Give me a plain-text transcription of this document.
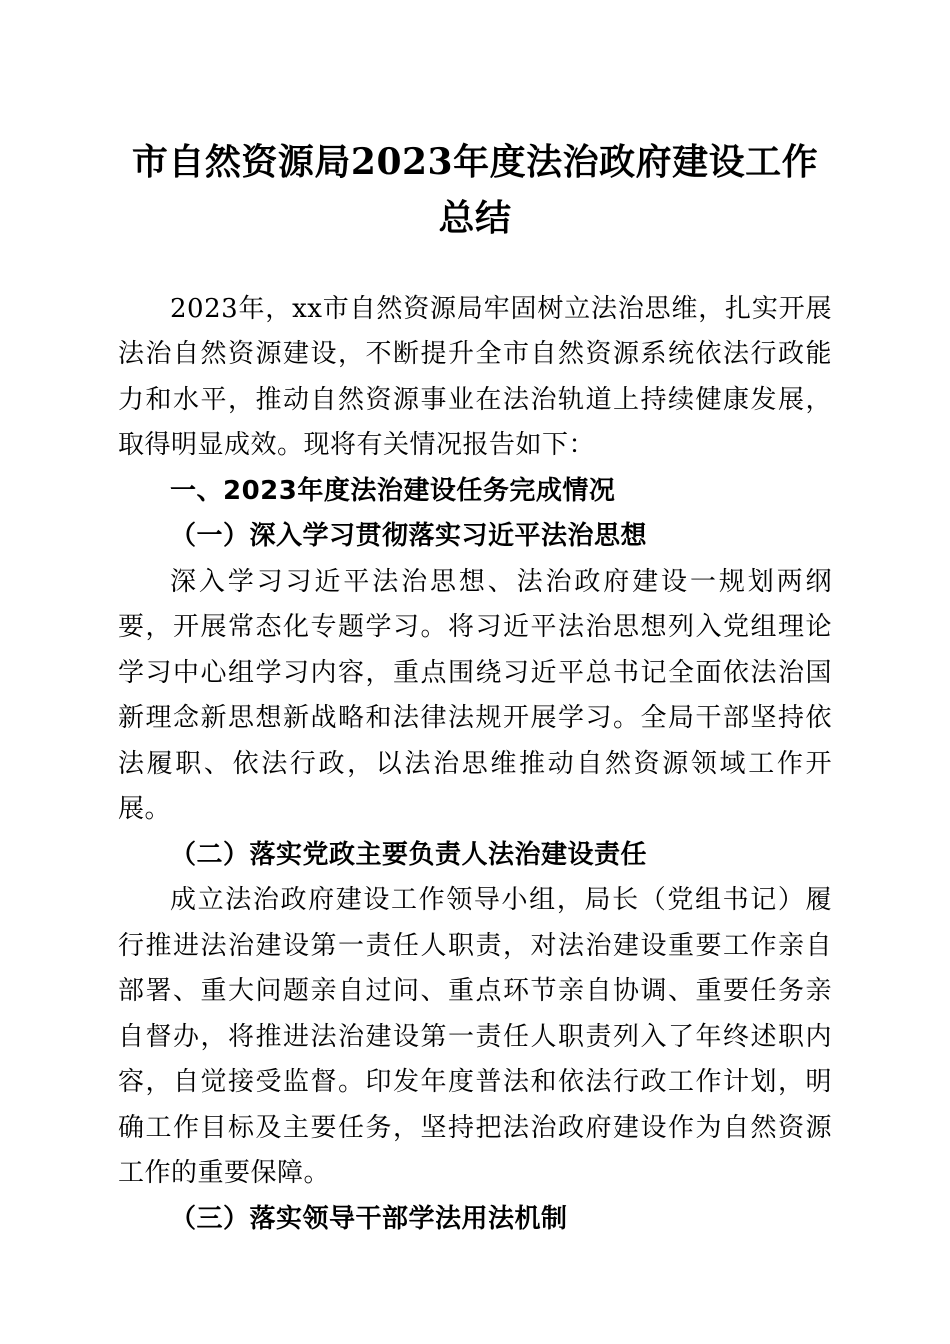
市自然资源局2023年度法治政府建设工作总结

2023年，xx市自然资源局牢固树立法治思维，扎实开展法治自然资源建设，不断提升全市自然资源系统依法行政能力和水平，推动自然资源事业在法治轨道上持续健康发展，取得明显成效。现将有关情况报告如下：

一、2023年度法治建设任务完成情况

（一）深入学习贯彻落实习近平法治思想

深入学习习近平法治思想、法治政府建设一规划两纲要，开展常态化专题学习。将习近平法治思想列入党组理论学习中心组学习内容，重点围绕习近平总书记全面依法治国新理念新思想新战略和法律法规开展学习。全局干部坚持依法履职、依法行政，以法治思维推动自然资源领域工作开展。

（二）落实党政主要负责人法治建设责任

成立法治政府建设工作领导小组，局长（党组书记）履行推进法治建设第一责任人职责，对法治建设重要工作亲自部署、重大问题亲自过问、重点环节亲自协调、重要任务亲自督办，将推进法治建设第一责任人职责列入了年终述职内容，自觉接受监督。印发年度普法和依法行政工作计划，明确工作目标及主要任务，坚持把法治政府建设作为自然资源工作的重要保障。

（三）落实领导干部学法用法机制
